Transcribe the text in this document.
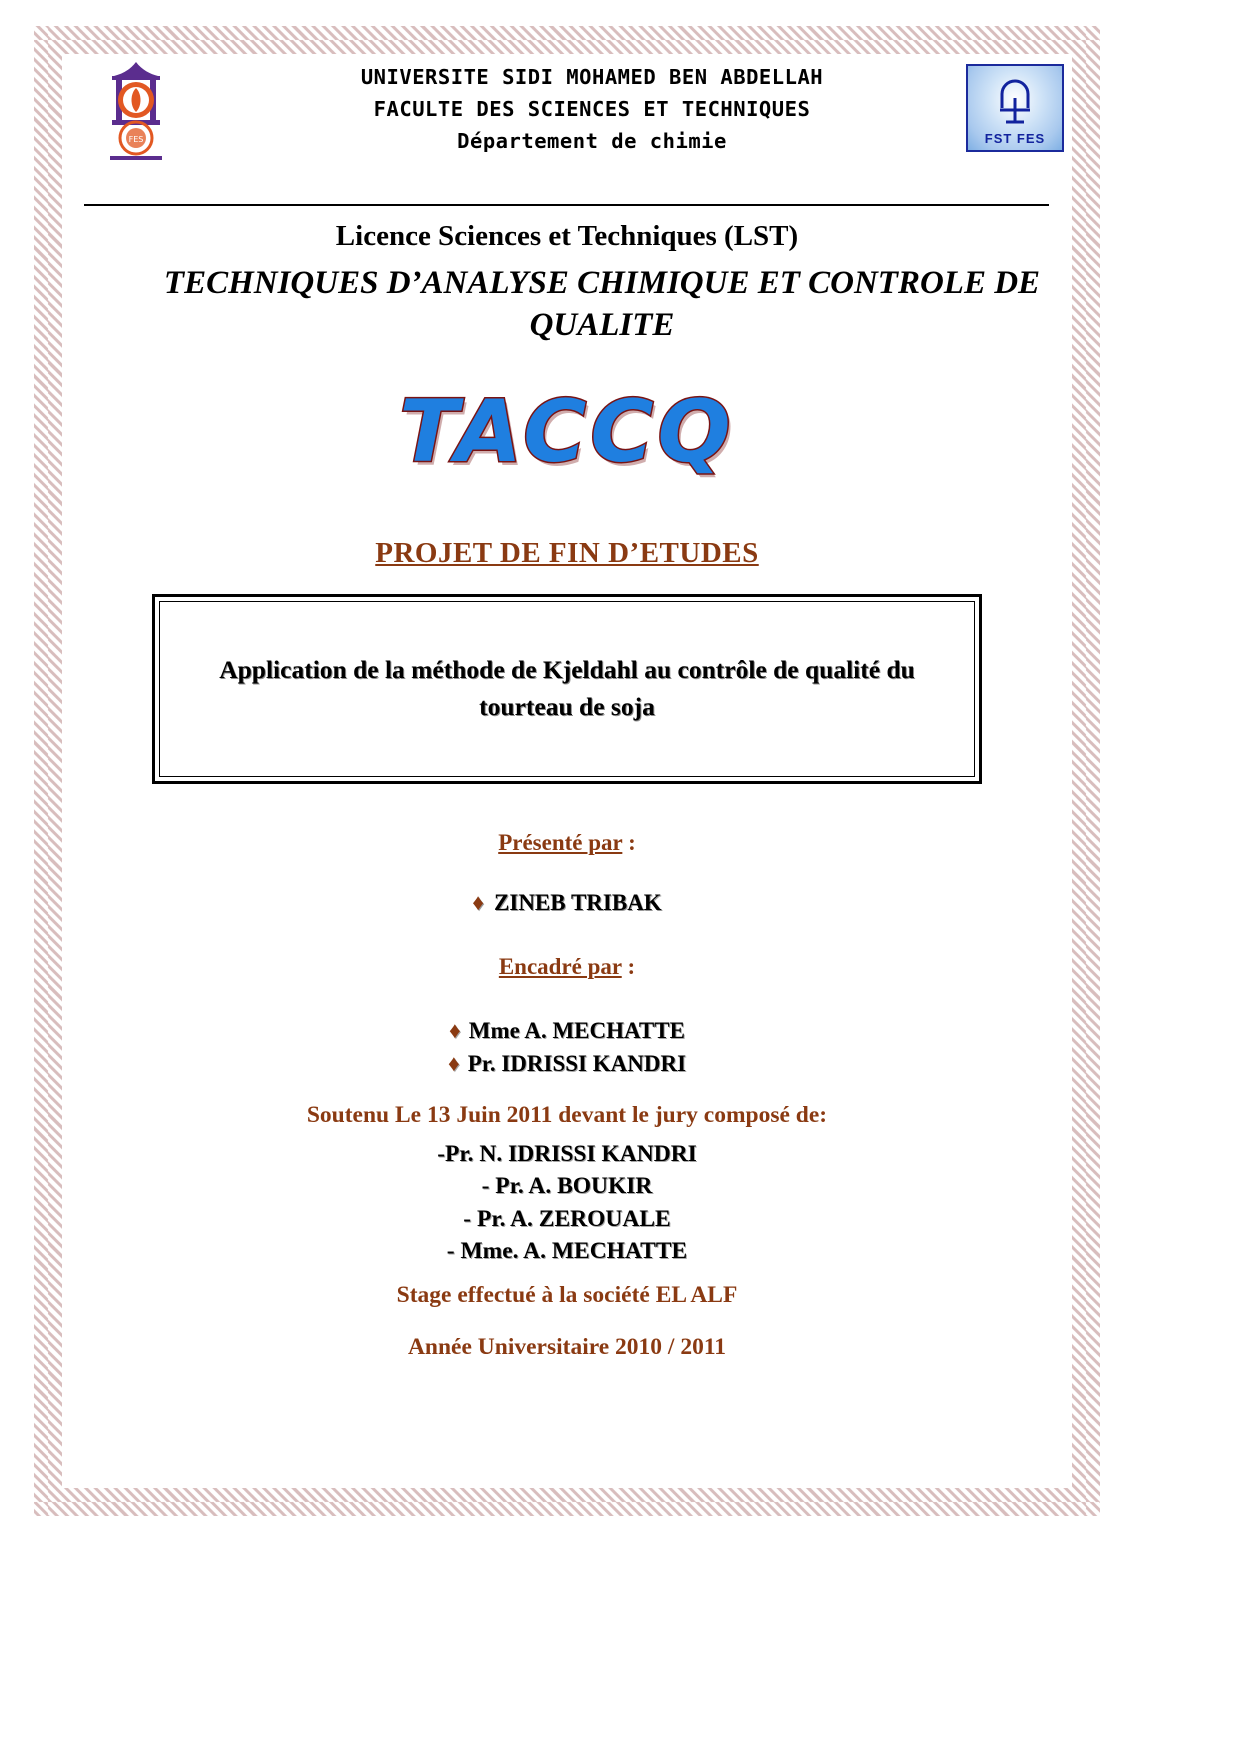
FES
UNIVERSITE SIDI MOHAMED BEN ABDELLAH
FACULTE DES SCIENCES ET TECHNIQUES
Département de chimie	FST FES
Licence Sciences et Techniques (LST)
TECHNIQUES D’ANALYSE CHIMIQUE ET CONTROLE DE QUALITE
TACCQ
PROJET DE FIN D’ETUDES
Application de la méthode de Kjeldahl au contrôle de qualité du tourteau de soja
Présenté par :
♦ ZINEB TRIBAK
Encadré par :
♦ Mme A. MECHATTE
♦ Pr. IDRISSI KANDRI
Soutenu Le 13 Juin 2011 devant le jury composé de:
-Pr. N. IDRISSI KANDRI
- Pr. A. BOUKIR
- Pr. A. ZEROUALE
- Mme. A. MECHATTE
Stage effectué à la société EL ALF
Année Universitaire 2010 / 2011
